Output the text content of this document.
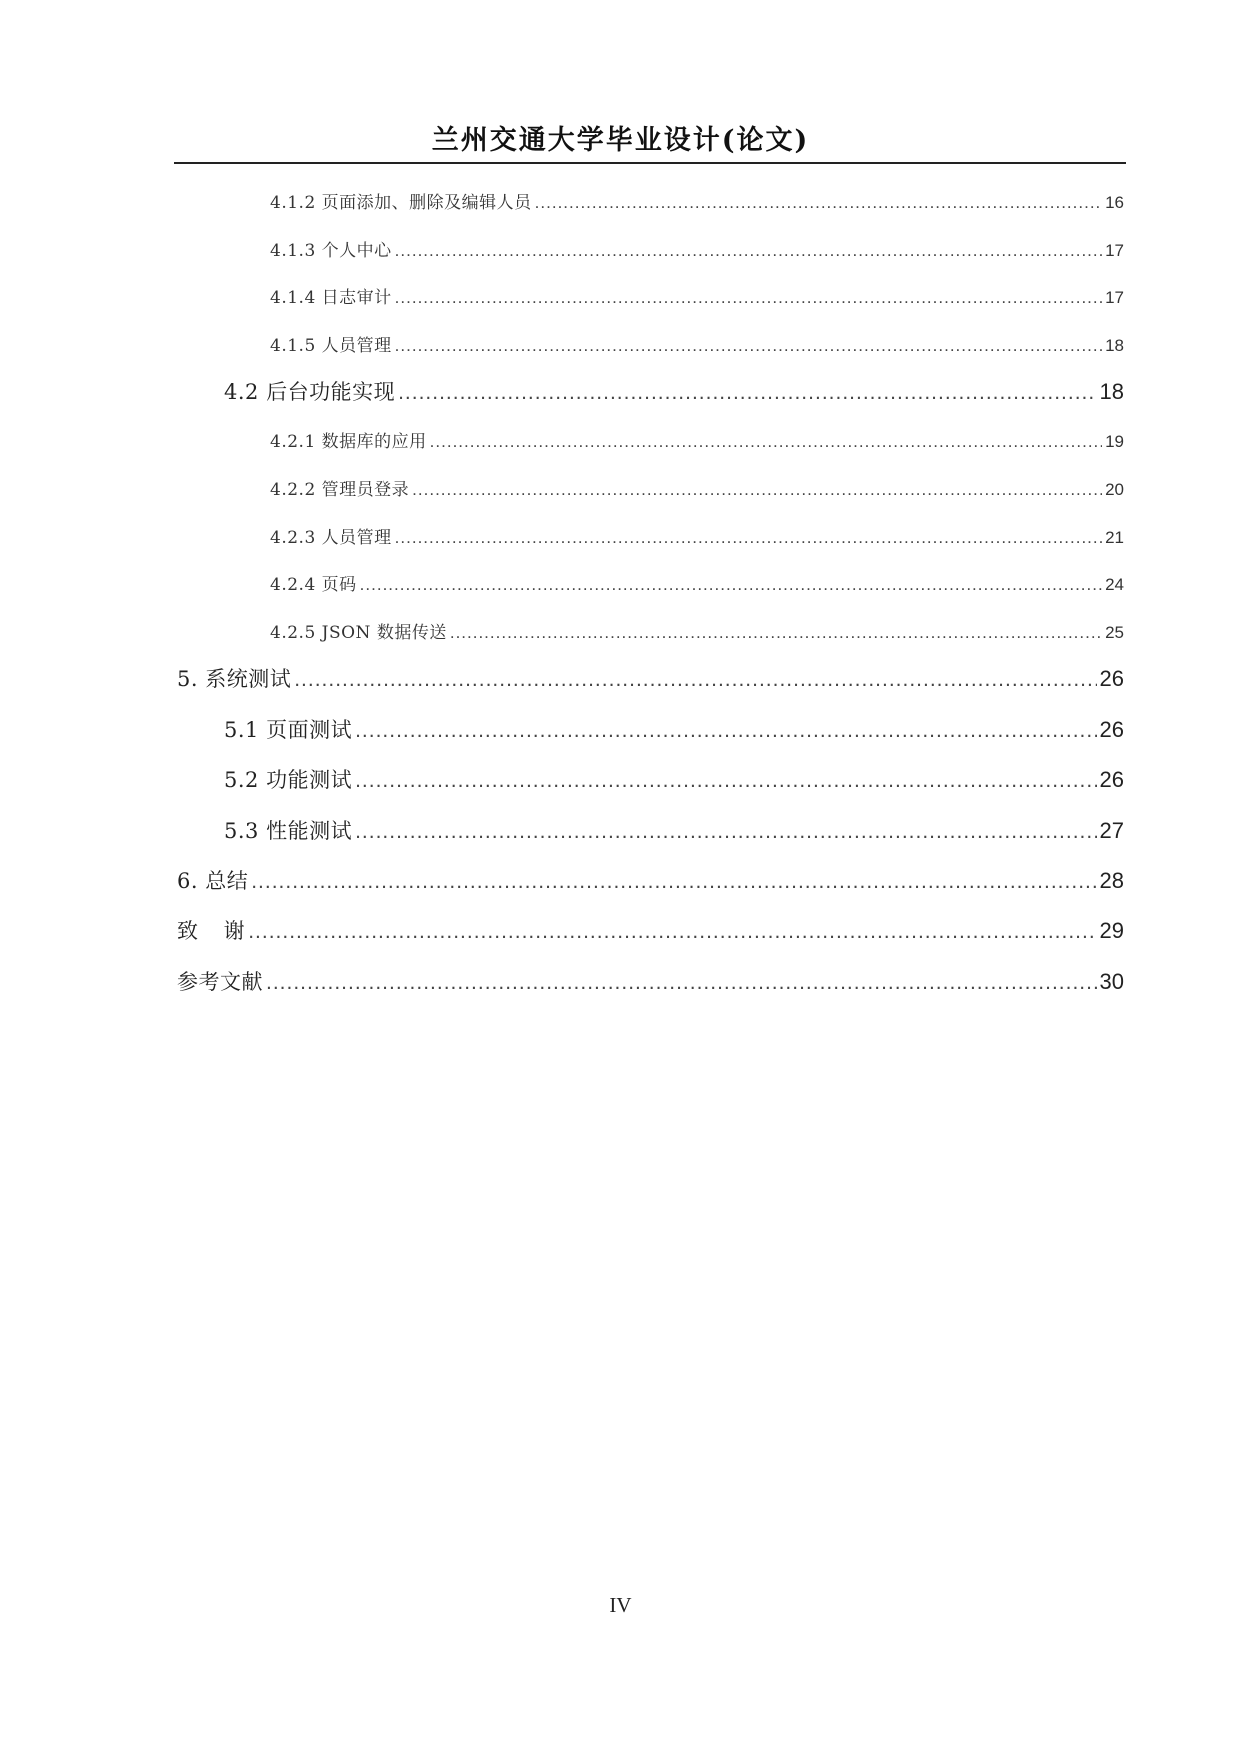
兰州交通大学毕业设计(论文)
4.1.2 页面添加、删除及编辑人员 .....	16
4.1.3 个人中心 .....	17
4.1.4 日志审计 .....	17
4.1.5 人员管理 .....	18
4.2 后台功能实现 .....	18
4.2.1 数据库的应用 .....	19
4.2.2 管理员登录 .....	20
4.2.3 人员管理 .....	21
4.2.4 页码 .....	24
4.2.5 JSON 数据传送 .....	25
5. 系统测试 .....	26
5.1 页面测试 .....	26
5.2 功能测试 .....	26
5.3 性能测试 .....	27
6. 总结 .....	28
致 谢 .....	29
参考文献 .....	30
IV
